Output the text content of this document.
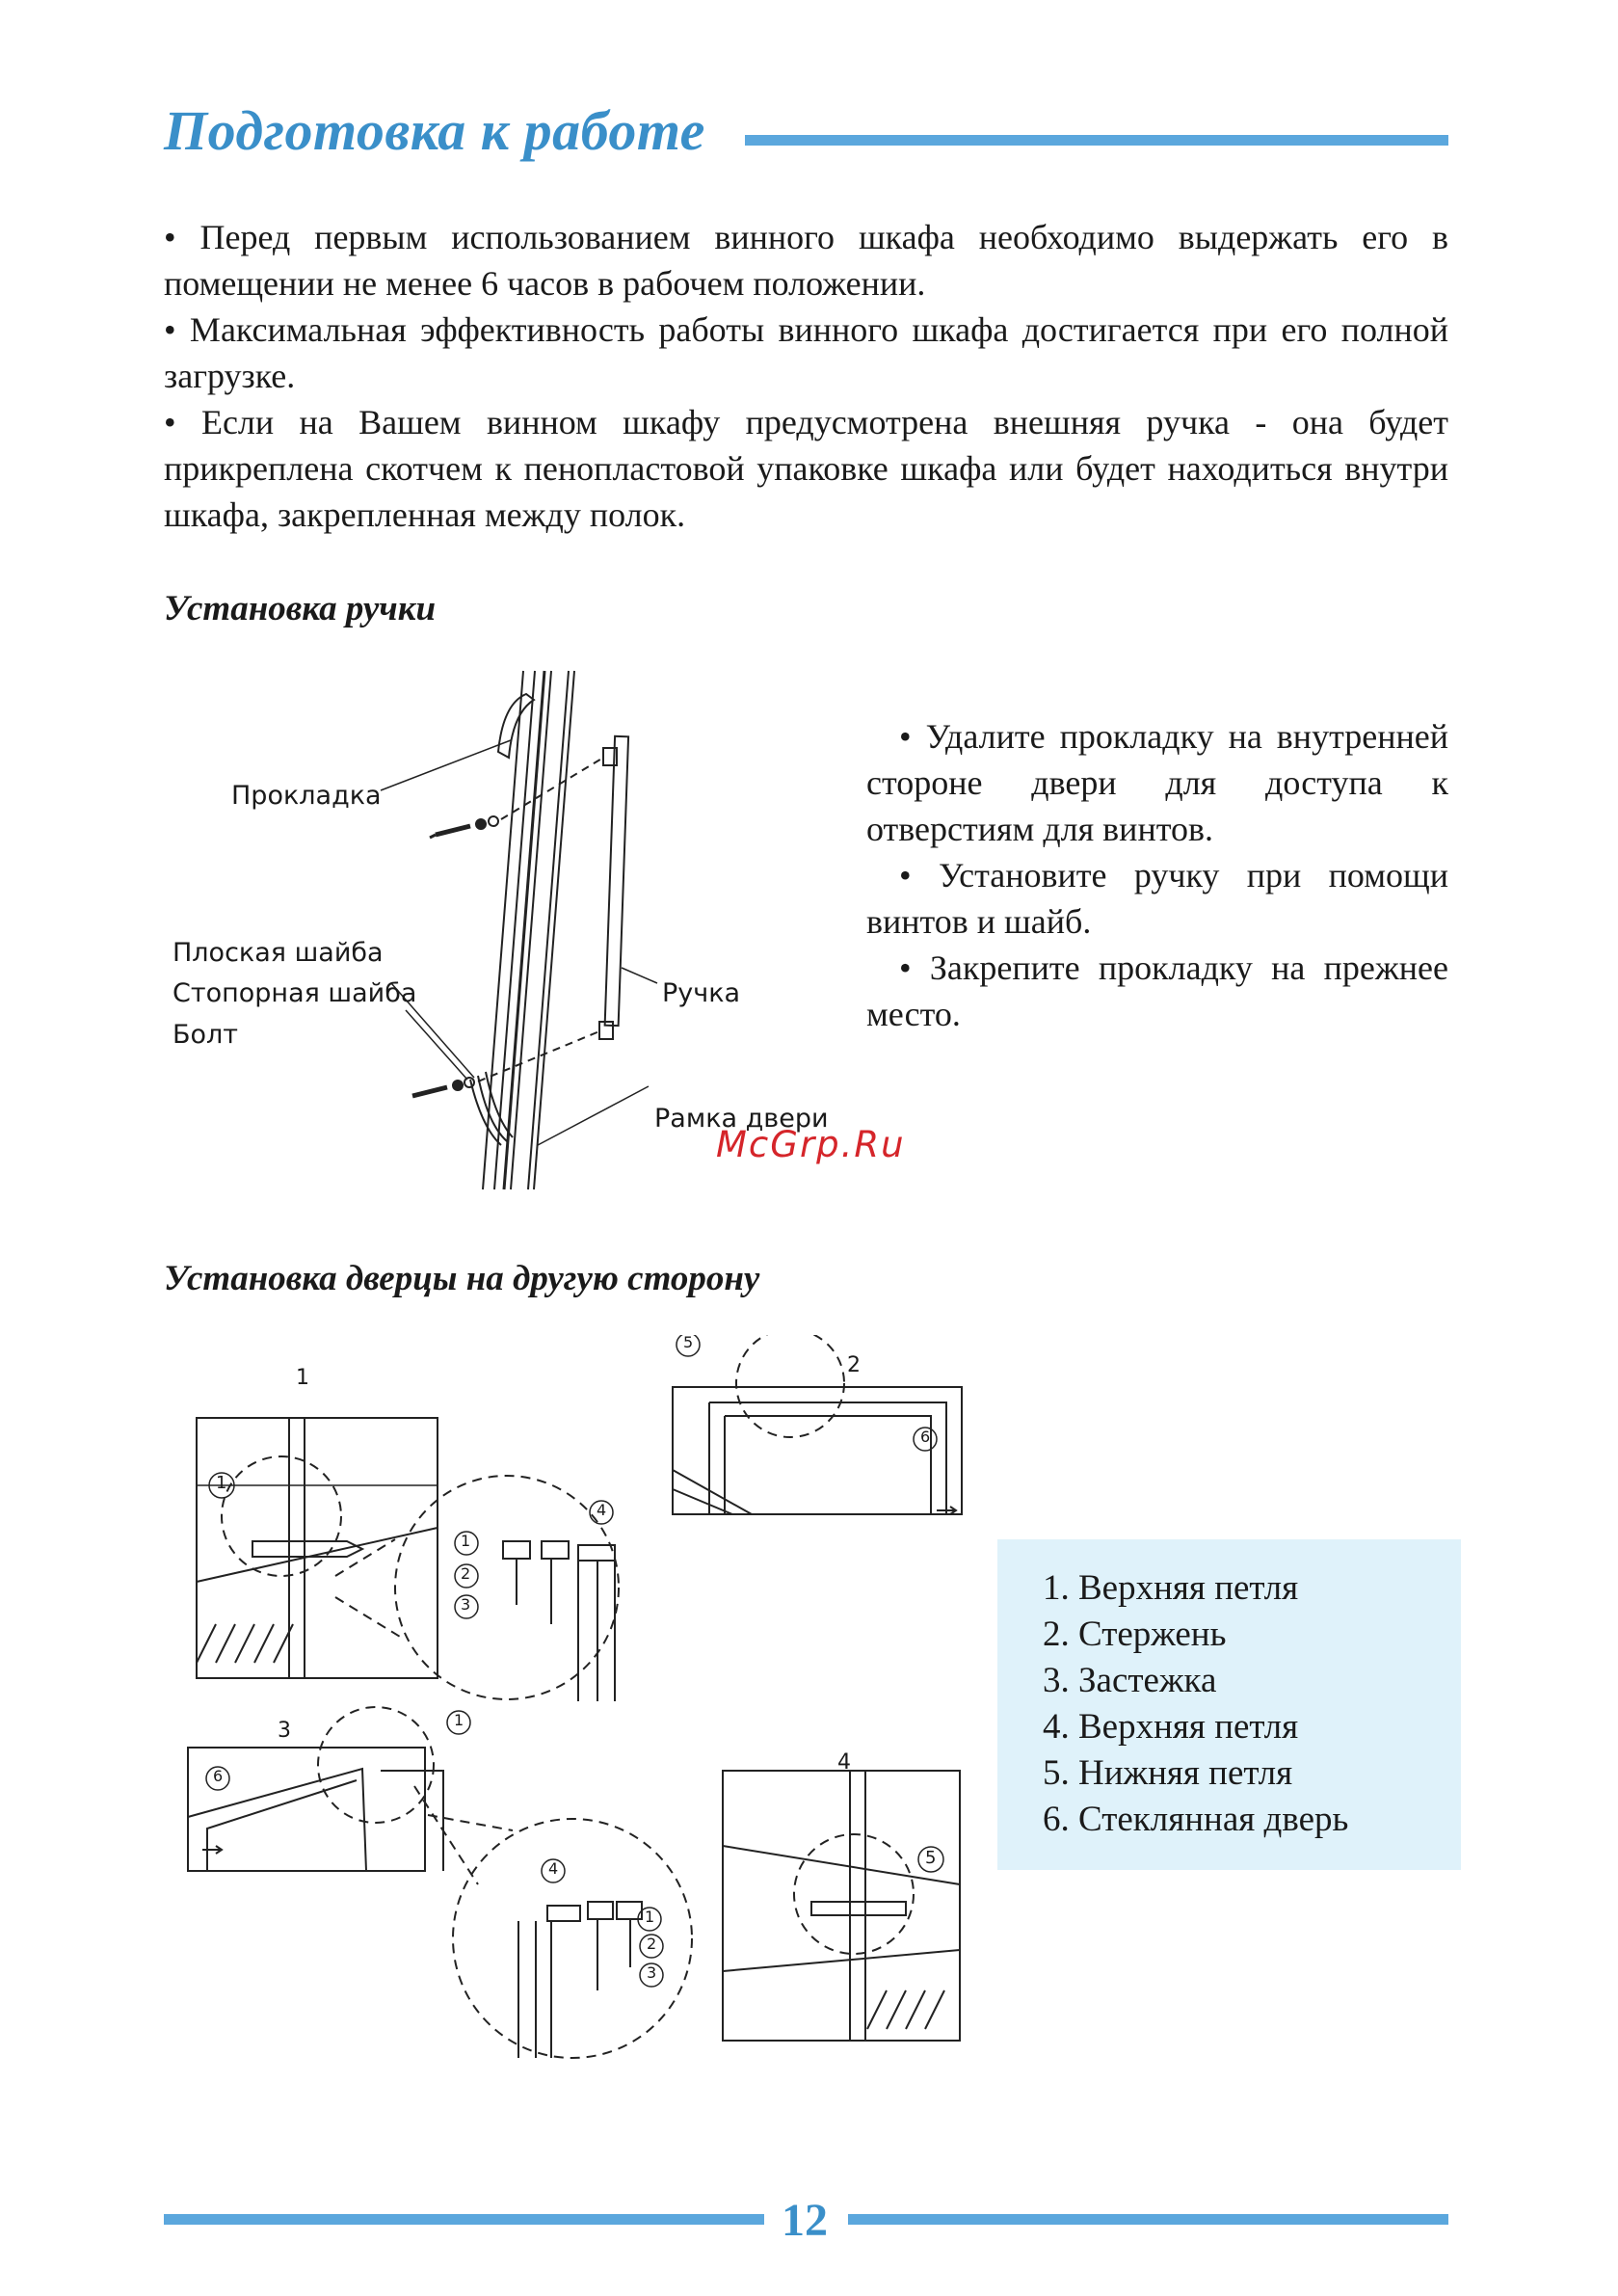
Подготовка к работе

• Перед первым использованием винного шкафа необходимо выдержать его в помещении не менее 6 часов в рабочем положении.

• Максимальная эффективность работы винного шкафа достигается при его полной загрузке.

• Если на Вашем винном шкафу предусмотрена внешняя ручка - она будет прикреплена скотчем к пенопластовой упаковке шкафа или будет находиться внутри шкафа, закрепленная между полок.

Установка ручки
Прокладка
Плоская шайба
Стопорная шайба
Болт
Ручка
Рамка двери
McGrp.Ru

• Удалите прокладку на внутренней стороне двери для доступа к отверстиям для винтов.

• Установите ручку при помощи винтов и шайб.

• Закрепите прокладку на прежнее место.

Установка дверцы на другую сторону
1
2
3
4
1
1
2
3
4
5
6
6
1
4
1
2
3
5
1. Верхняя петля
2. Стержень
3. Застежка
4. Верхняя петля
5. Нижняя петля
6. Стеклянная дверь
12
